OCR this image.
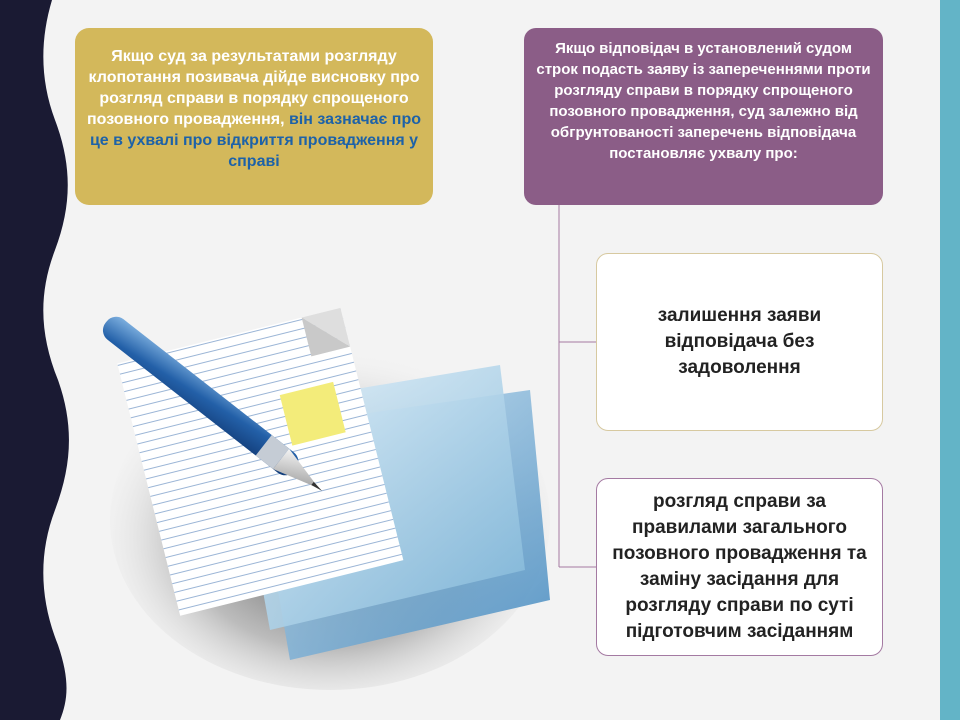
Якщо суд за результатами розгляду клопотання позивача дійде висновку про розгляд справи в порядку спрощеного позовного провадження, він зазначає про це в ухвалі про відкриття провадження у справі
Якщо відповідач в установлений судом строк подасть заяву із запереченнями проти розгляду справи в порядку спрощеного позовного провадження, суд залежно від обгрунтованості заперечень відповідача постановляє ухвалу про:
залишення заяви відповідача без задоволення
розгляд справи за правилами загального позовного провадження та заміну засідання для розгляду справи по суті підготовчим засіданням
